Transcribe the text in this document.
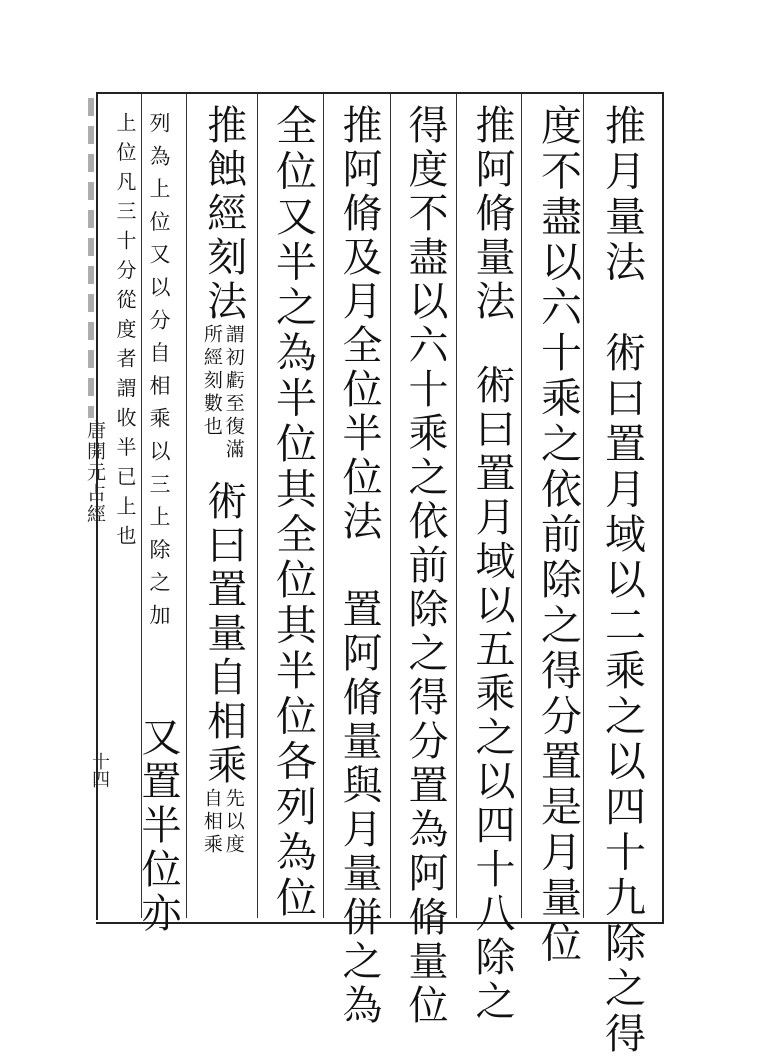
唐開元占經
十四	推月量法　術曰置月域以二乘之以四十九除之得
度不盡以六十乘之依前除之得分置是月量位
推阿脩量法術曰置月域以五乘之以四十八除之
得度不盡以六十乘之依前除之得分置為阿脩量位
推阿脩及月全位半位法　置阿脩量與月量併之為
全位又半之為半位其全位其半位各列為位
推蝕經刻法謂初虧至復滿
所經刻數也術曰置量自相乘先以度
自相乘
列為上位又以分自相乘以三上除之加
上位凡三十分從度者謂收半已上也
又置半位亦
